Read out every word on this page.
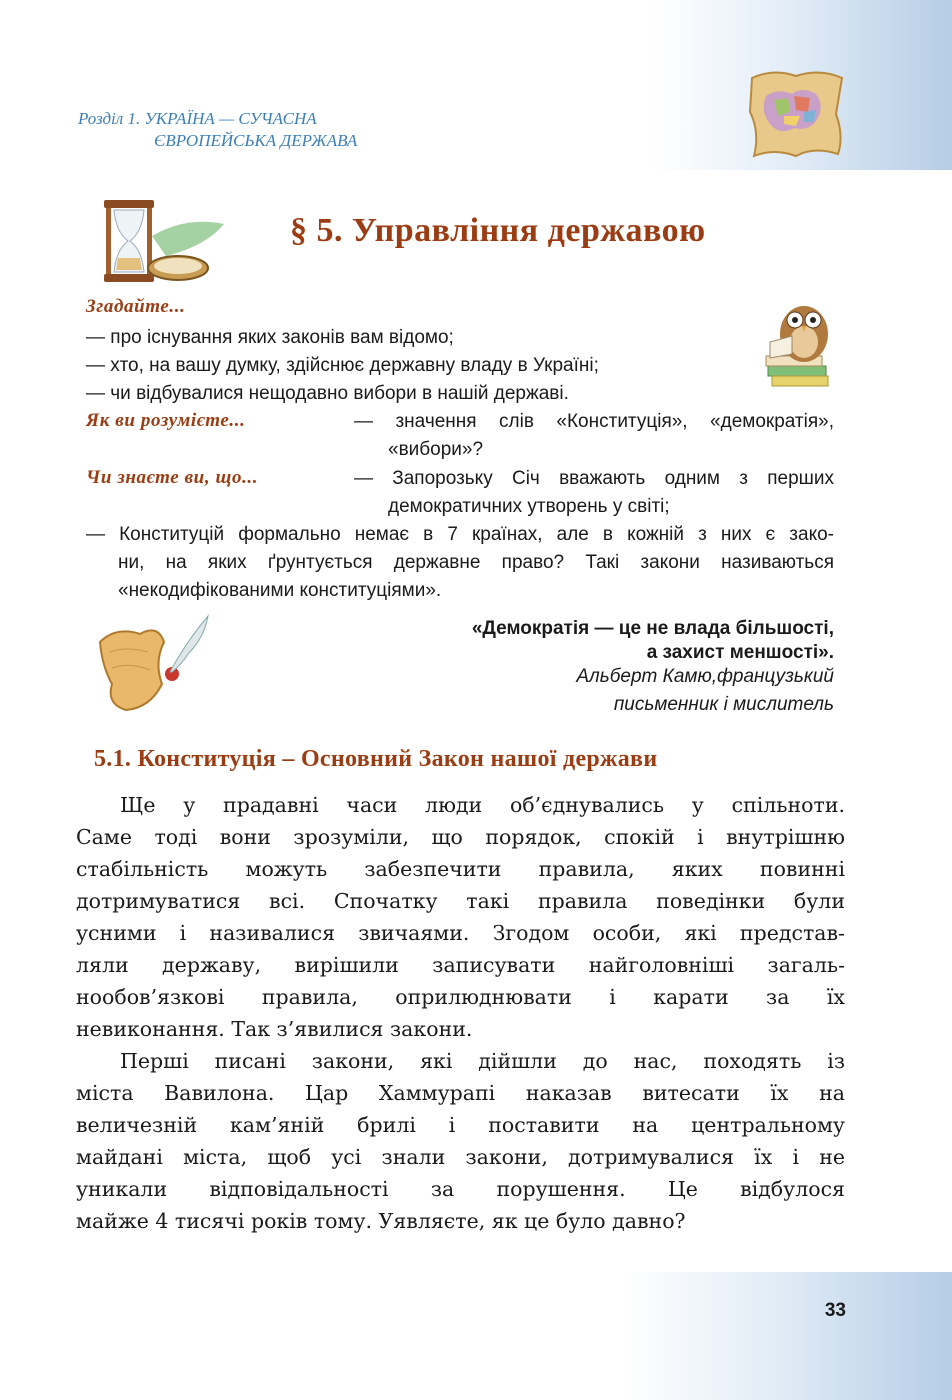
Розділ 1. УКРАЇНА — СУЧАСНА
ЄВРОПЕЙСЬКА ДЕРЖАВА
§ 5. Управління державою
Згадайте...
— про існування яких законів вам відомо;
— хто, на вашу думку, здійснює державну владу в Україні;
— чи відбувалися нещодавно вибори в нашій державі.
Як ви розумієте...	— значення слів «Конституція», «демократія»,
«вибори»?
Чи знаєте ви, що...	— Запорозьку Січ вважають одним з перших
демократичних утворень у світі;
— Конституцій формально немає в 7 країнах, але в кожній з них є зако-
ни, на яких ґрунтується державне право? Такі закони називаються
«некодифікованими конституціями».
«Демократія — це не влада більшості,
а захист меншості».
Альберт Камю,французький
письменник і мислитель
5.1. Конституція – Основний Закон нашої держави
Ще у прадавні часи люди об’єднувались у спільноти.
Саме тоді вони зрозуміли, що порядок, спокій і внутрішню
стабільність можуть забезпечити правила, яких повинні
дотримуватися всі. Спочатку такі правила поведінки були
усними і називалися звичаями. Згодом особи, які представ-
ляли державу, вирішили записувати найголовніші загаль-
нообов’язкові правила, оприлюднювати і карати за їх
невиконання. Так з’явилися закони.
Перші писані закони, які дійшли до нас, походять із
міста Вавилона. Цар Хаммурапі наказав витесати їх на
величезній кам’яній брилі і поставити на центральному
майдані міста, щоб усі знали закони, дотримувалися їх і не
уникали відповідальності за порушення. Це відбулося
майже 4 тисячі років тому. Уявляєте, як це було давно?
33
